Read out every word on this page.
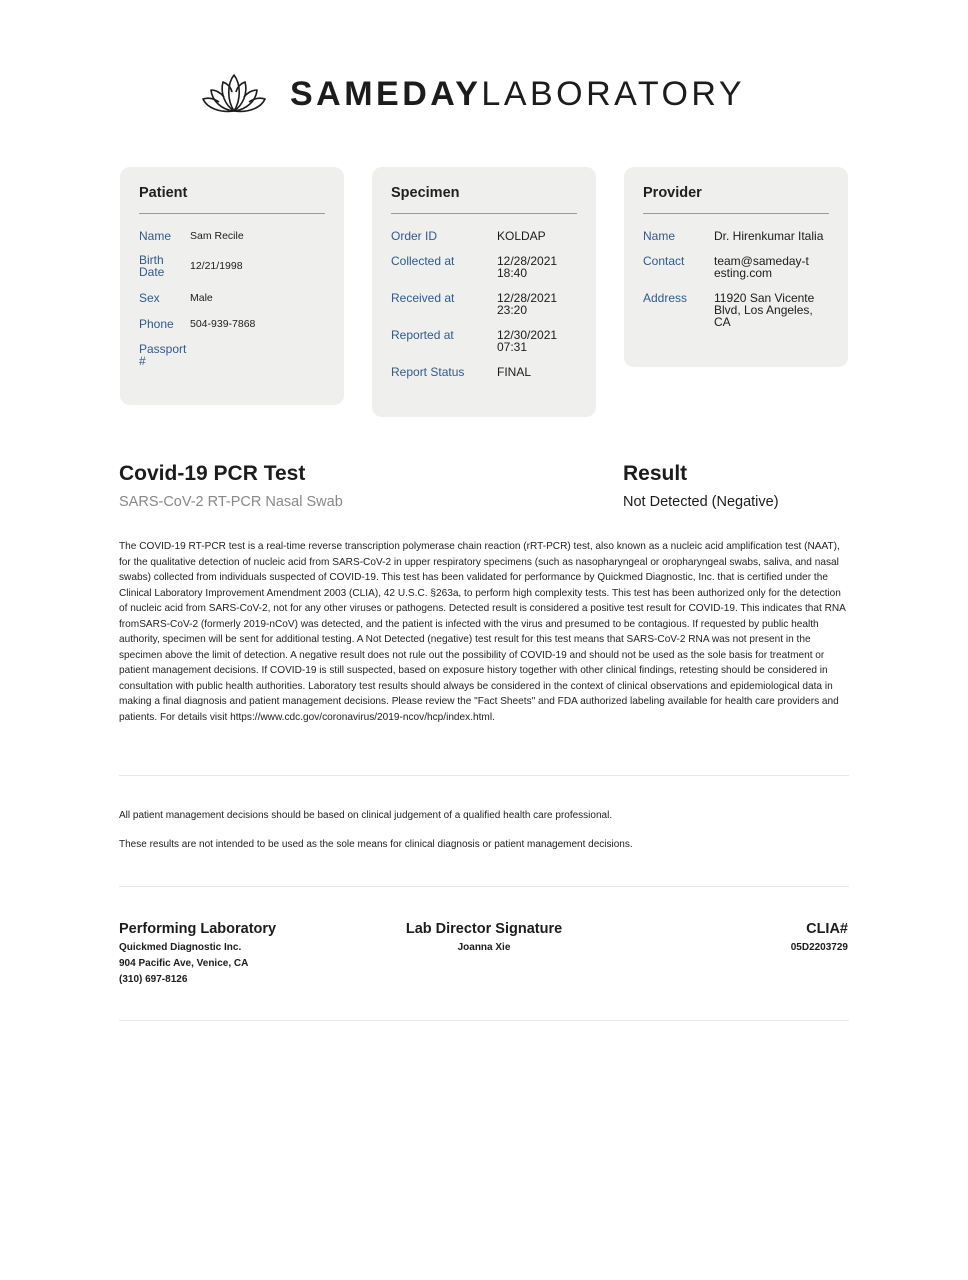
SAMEDAYLABORATORY
Patient
Name	Sam Recile
Birth Date	12/21/1998
Sex	Male
Phone	504-939-7868
Passport #
Specimen
Order ID	KOLDAP
Collected at	12/28/2021 18:40
Received at	12/28/2021 23:20
Reported at	12/30/2021 07:31
Report Status	FINAL
Provider
Name	Dr. Hirenkumar Italia
Contact	team@sameday-testing.com
Address	11920 San Vicente Blvd, Los Angeles, CA
Covid-19 PCR Test
SARS-CoV-2 RT-PCR Nasal Swab
Result
Not Detected (Negative)

The COVID-19 RT-PCR test is a real-time reverse transcription polymerase chain reaction (rRT-PCR) test, also known as a nucleic acid amplification test (NAAT), for the qualitative detection of nucleic acid from SARS-CoV-2 in upper respiratory specimens (such as nasopharyngeal or oropharyngeal swabs, saliva, and nasal swabs) collected from individuals suspected of COVID-19. This test has been validated for performance by Quickmed Diagnostic, Inc. that is certified under the Clinical Laboratory Improvement Amendment 2003 (CLIA), 42 U.S.C. §263a, to perform high complexity tests. This test has been authorized only for the detection of nucleic acid from SARS-CoV-2, not for any other viruses or pathogens. Detected result is considered a positive test result for COVID-19. This indicates that RNA fromSARS-CoV-2 (formerly 2019-nCoV) was detected, and the patient is infected with the virus and presumed to be contagious. If requested by public health authority, specimen will be sent for additional testing. A Not Detected (negative) test result for this test means that SARS-CoV-2 RNA was not present in the specimen above the limit of detection. A negative result does not rule out the possibility of COVID-19 and should not be used as the sole basis for treatment or patient management decisions. If COVID-19 is still suspected, based on exposure history together with other clinical findings, retesting should be considered in consultation with public health authorities. Laboratory test results should always be considered in the context of clinical observations and epidemiological data in making a final diagnosis and patient management decisions. Please review the "Fact Sheets" and FDA authorized labeling available for health care providers and patients. For details visit https://www.cdc.gov/coronavirus/2019-ncov/hcp/index.html.

All patient management decisions should be based on clinical judgement of a qualified health care professional.
These results are not intended to be used as the sole means for clinical diagnosis or patient management decisions.
Performing Laboratory
Quickmed Diagnostic Inc.
904 Pacific Ave, Venice, CA
(310) 697-8126
Lab Director Signature
Joanna Xie
CLIA#
05D2203729
